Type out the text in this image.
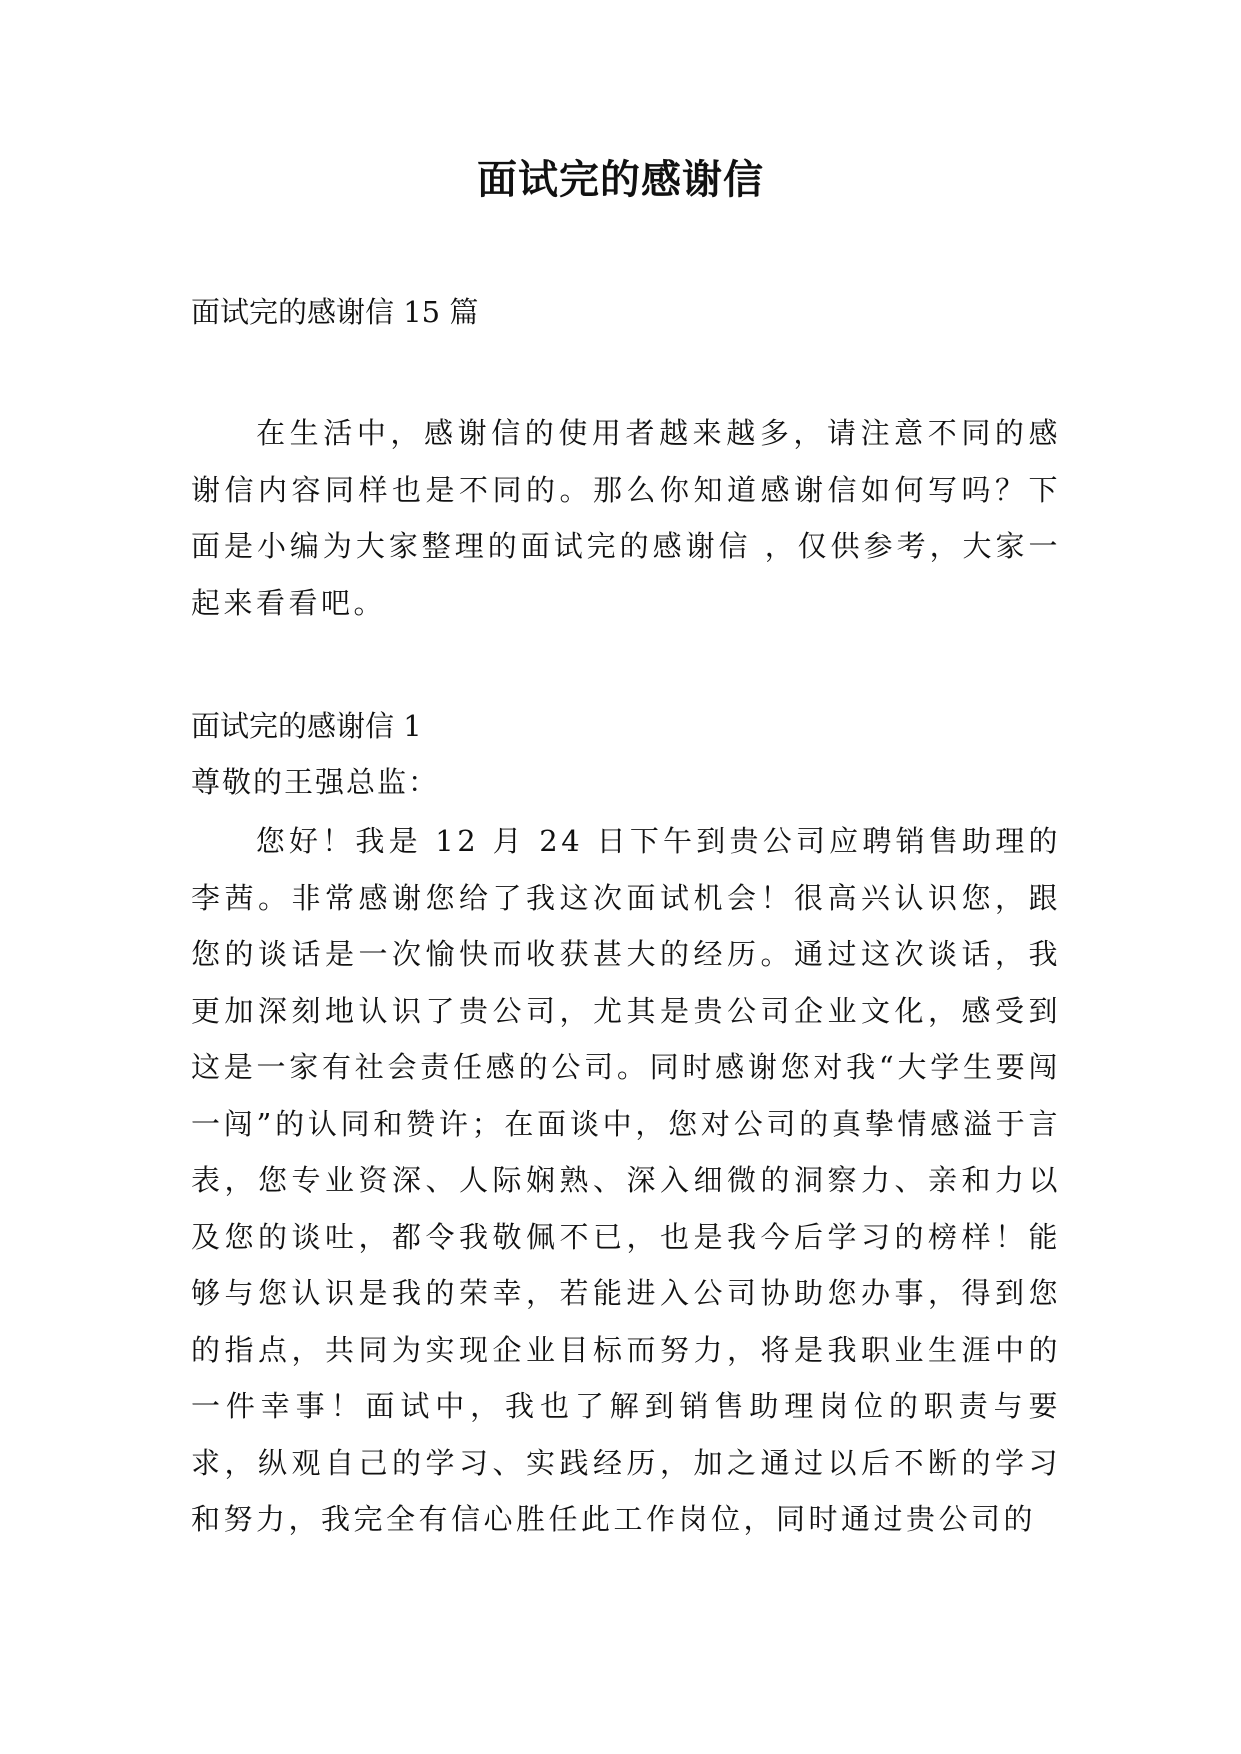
面试完的感谢信

面试完的感谢信 15 篇

在生活中，感谢信的使用者越来越多，请注意不同的感谢信内容同样也是不同的。那么你知道感谢信如何写吗？下面是小编为大家整理的面试完的感谢信 ，仅供参考，大家一起来看看吧。

面试完的感谢信 1

尊敬的王强总监：

您好！我是 12 月 24 日下午到贵公司应聘销售助理的李茜。非常感谢您给了我这次面试机会！很高兴认识您，跟您的谈话是一次愉快而收获甚大的经历。通过这次谈话，我更加深刻地认识了贵公司，尤其是贵公司企业文化，感受到这是一家有社会责任感的公司。同时感谢您对我“大学生要闯一闯”的认同和赞许；在面谈中，您对公司的真挚情感溢于言表，您专业资深、人际娴熟、深入细微的洞察力、亲和力以及您的谈吐，都令我敬佩不已，也是我今后学习的榜样！能够与您认识是我的荣幸，若能进入公司协助您办事，得到您的指点，共同为实现企业目标而努力，将是我职业生涯中的一件幸事！面试中，我也了解到销售助理岗位的职责与要求，纵观自己的学习、实践经历，加之通过以后不断的学习和努力，我完全有信心胜任此工作岗位，同时通过贵公司的
